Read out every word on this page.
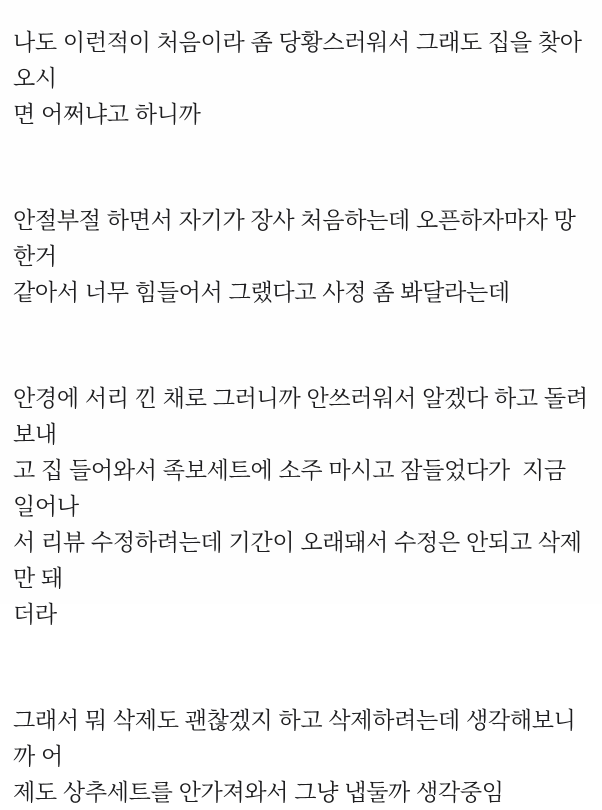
나도 이런적이 처음이라 좀 당황스러워서 그래도 집을 찾아오시
면 어쩌냐고 하니까

안절부절 하면서 자기가 장사 처음하는데 오픈하자마자 망한거
같아서 너무 힘들어서 그랬다고 사정 좀 봐달라는데

안경에 서리 낀 채로 그러니까 안쓰러워서 알겠다 하고 돌려보내
고 집 들어와서 족보세트에 소주 마시고 잠들었다가  지금 일어나
서 리뷰 수정하려는데 기간이 오래돼서 수정은 안되고 삭제만 돼
더라

그래서 뭐 삭제도 괜찮겠지 하고 삭제하려는데 생각해보니까 어
제도 상추세트를 안가져와서 그냥 냅둘까 생각중임
